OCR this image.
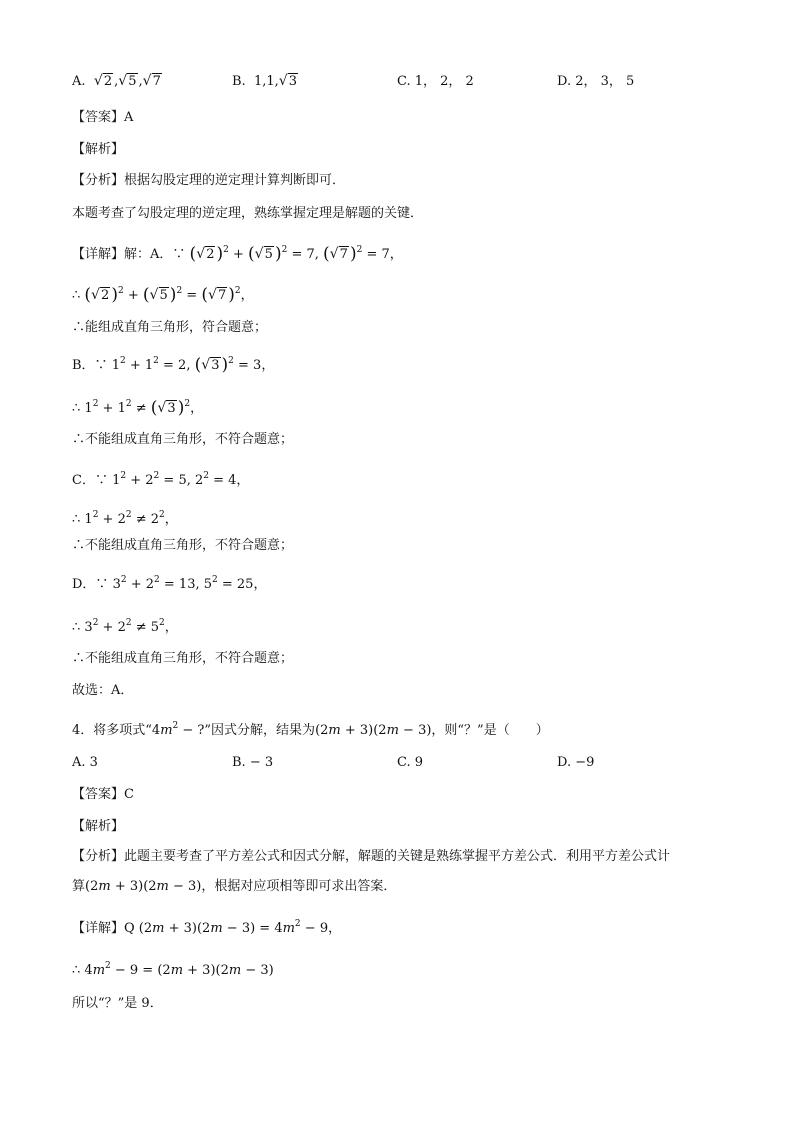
A. √ 2 , √ 5 , √ 7	B. 1,1, √ 3	C. 1， 2， 2	D. 2， 3， 5
【答案】A
【解析】
【分析】根据勾股定理的逆定理计算判断即可．
本题考查了勾股定理的逆定理，熟练掌握定理是解题的关键．
【详解】解：A．∵ ( √ 2 )$^2$ + ( √ 5 )$^2$ = 7, ( √ 7 )$^2$ = 7，
∴ ( √ 2 )$^2$ + ( √ 5 )$^2$ = ( √ 7 )$^2$，
∴能组成直角三角形，符合题意；
B．∵ $1^2 + 1^2 = 2$, ( √ 3 )$^2$ = 3，
∴ $1^2 + 1^2$ ≠ ( √ 3 )$^2$，
∴不能组成直角三角形，不符合题意；
C．∵ $1^2 + 2^2 = 5$, $2^2 = 4$，
∴ $1^2 + 2^2 \ne 2^2$，
∴不能组成直角三角形，不符合题意；
D．∵ $3^2 + 2^2 = 13$, $5^2 = 25$，
∴ $3^2 + 2^2 \ne 5^2$，
∴不能组成直角三角形，不符合题意；
故选：A．
4．将多项式“$4m^2$ − ?”因式分解，结果为(2m + 3)(2m − 3)，则“？”是（　　）
A. 3	B. − 3	C. 9	D. −9
【答案】C
【解析】
【分析】此题主要考查了平方差公式和因式分解，解题的关键是熟练掌握平方差公式．利用平方差公式计
算(2m + 3)(2m − 3)，根据对应项相等即可求出答案．
【详解】Q $(2m + 3)(2m - 3) = 4m^2 - 9$，
∴ $4m^2 - 9 = (2m + 3)(2m - 3)$
所以“？”是 9．
